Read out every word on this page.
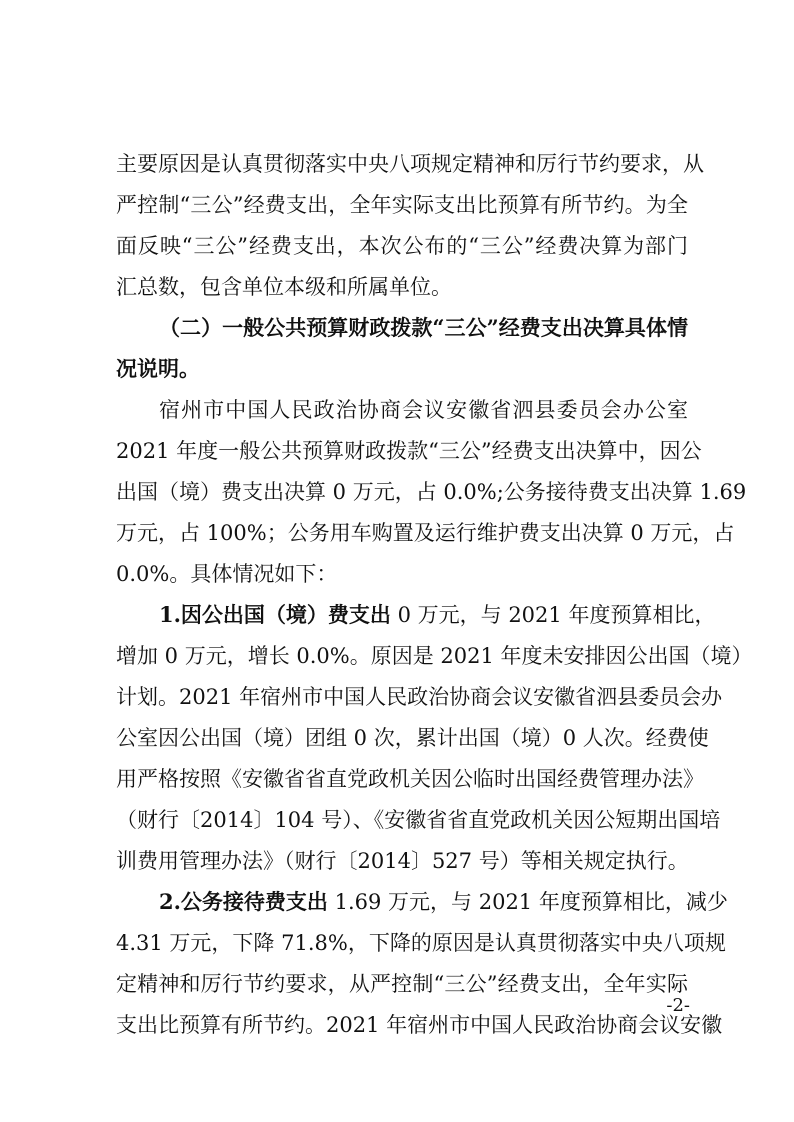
主要原因是认真贯彻落实中央八项规定精神和厉行节约要求，从
严控制“三公”经费支出，全年实际支出比预算有所节约。为全
面反映“三公”经费支出，本次公布的“三公”经费决算为部门
汇总数，包含单位本级和所属单位。
（二）一般公共预算财政拨款“三公”经费支出决算具体情
况说明。
宿州市中国人民政治协商会议安徽省泗县委员会办公室
2021 年度一般公共预算财政拨款“三公”经费支出决算中，因公
出国（境）费支出决算 0 万元，占 0.0%;公务接待费支出决算 1.69
万元，占 100%；公务用车购置及运行维护费支出决算 0 万元，占
0.0%。具体情况如下：
1.因公出国（境）费支出 0 万元，与 2021 年度预算相比，
增加 0 万元，增长 0.0%。原因是 2021 年度未安排因公出国（境）
计划。2021 年宿州市中国人民政治协商会议安徽省泗县委员会办
公室因公出国（境）团组 0 次，累计出国（境）0 人次。经费使
用严格按照《安徽省省直党政机关因公临时出国经费管理办法》
（财行〔2014〕104 号）、《安徽省省直党政机关因公短期出国培
训费用管理办法》（财行〔2014〕527 号）等相关规定执行。
2.公务接待费支出 1.69 万元，与 2021 年度预算相比，减少
4.31 万元，下降 71.8%，下降的原因是认真贯彻落实中央八项规
定精神和厉行节约要求，从严控制“三公”经费支出，全年实际
支出比预算有所节约。2021 年宿州市中国人民政治协商会议安徽
-2-
